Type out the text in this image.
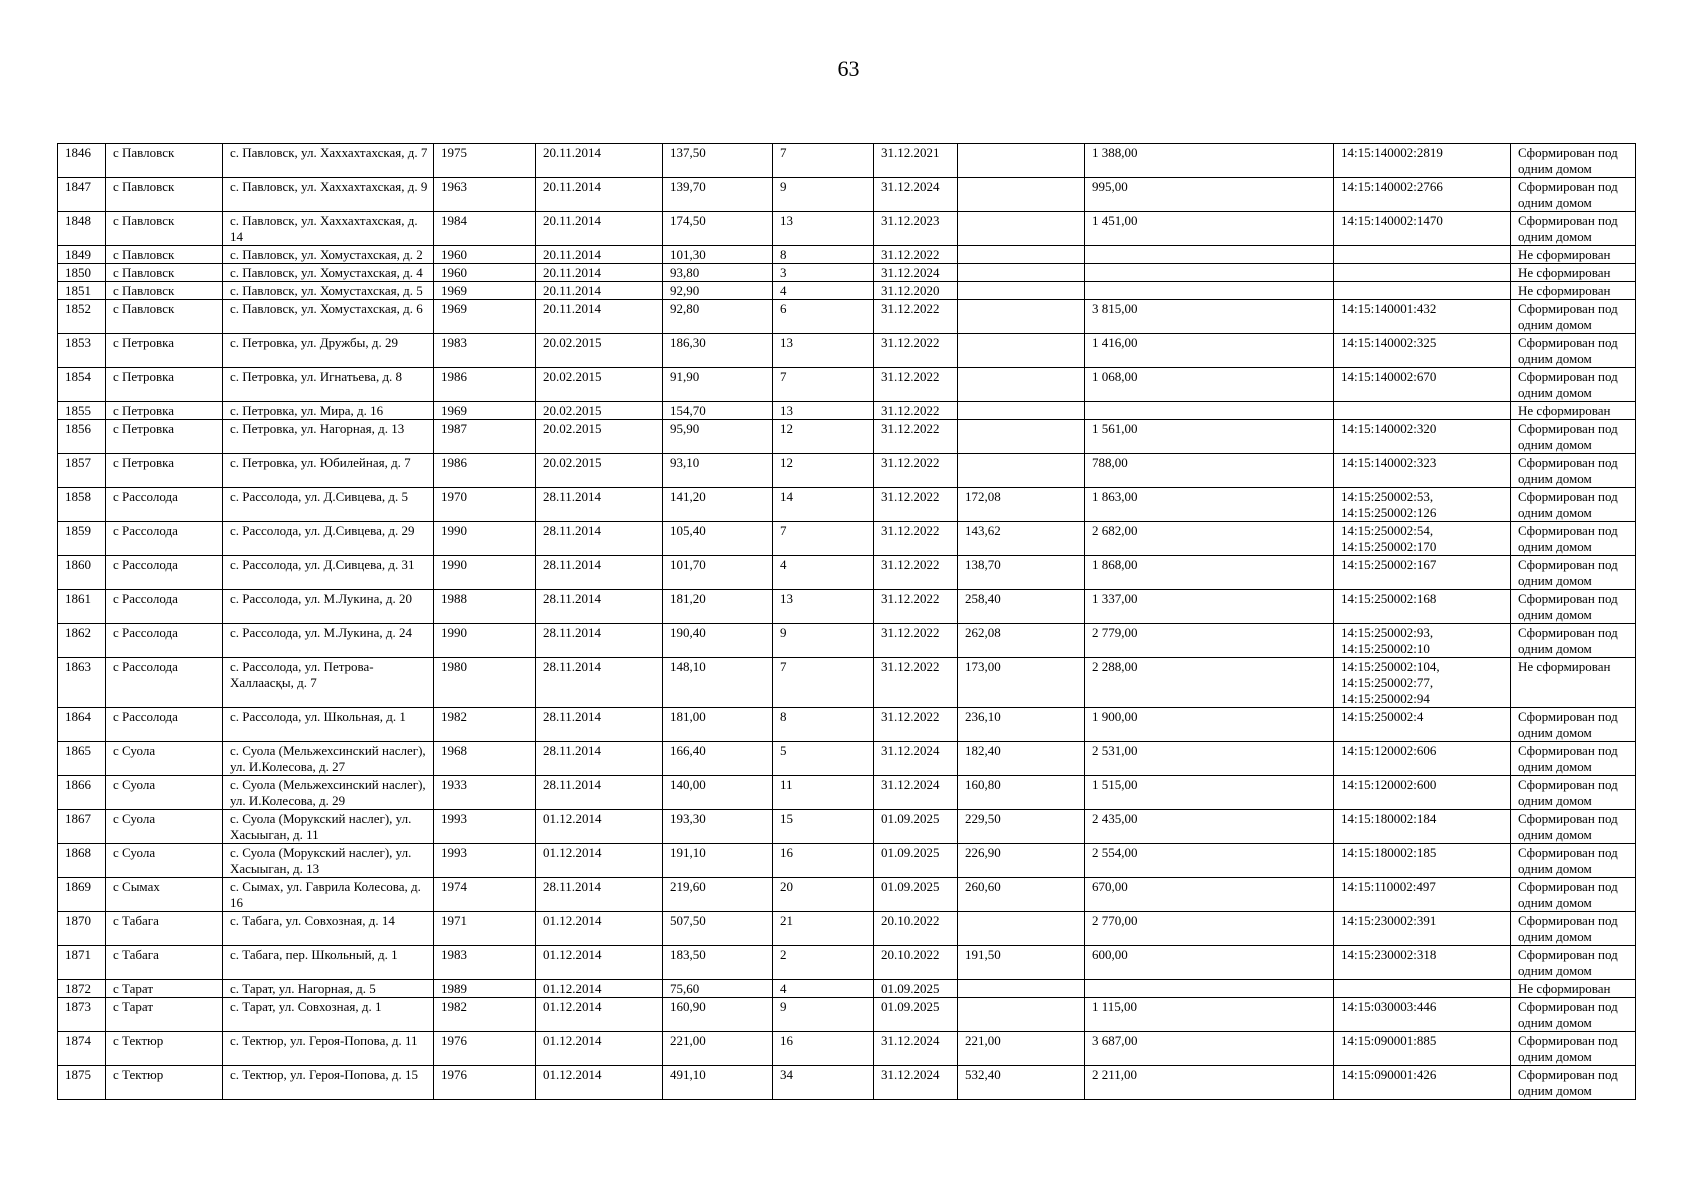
63
1846	с Павловск	с. Павловск, ул. Хаххахтахская, д. 7	1975	20.11.2014	137,50	7	31.12.2021		1 388,00	14:15:140002:2819	Сформирован под одним домом
1847	с Павловск	с. Павловск, ул. Хаххахтахская, д. 9	1963	20.11.2014	139,70	9	31.12.2024		995,00	14:15:140002:2766	Сформирован под одним домом
1848	с Павловск	с. Павловск, ул. Хаххахтахская, д. 14	1984	20.11.2014	174,50	13	31.12.2023		1 451,00	14:15:140002:1470	Сформирован под одним домом
1849	с Павловск	с. Павловск, ул. Хомустахская, д. 2	1960	20.11.2014	101,30	8	31.12.2022				Не сформирован
1850	с Павловск	с. Павловск, ул. Хомустахская, д. 4	1960	20.11.2014	93,80	3	31.12.2024				Не сформирован
1851	с Павловск	с. Павловск, ул. Хомустахская, д. 5	1969	20.11.2014	92,90	4	31.12.2020				Не сформирован
1852	с Павловск	с. Павловск, ул. Хомустахская, д. 6	1969	20.11.2014	92,80	6	31.12.2022		3 815,00	14:15:140001:432	Сформирован под одним домом
1853	с Петровка	с. Петровка, ул. Дружбы, д. 29	1983	20.02.2015	186,30	13	31.12.2022		1 416,00	14:15:140002:325	Сформирован под одним домом
1854	с Петровка	с. Петровка, ул. Игнатьева, д. 8	1986	20.02.2015	91,90	7	31.12.2022		1 068,00	14:15:140002:670	Сформирован под одним домом
1855	с Петровка	с. Петровка, ул. Мира, д. 16	1969	20.02.2015	154,70	13	31.12.2022				Не сформирован
1856	с Петровка	с. Петровка, ул. Нагорная, д. 13	1987	20.02.2015	95,90	12	31.12.2022		1 561,00	14:15:140002:320	Сформирован под одним домом
1857	с Петровка	с. Петровка, ул. Юбилейная, д. 7	1986	20.02.2015	93,10	12	31.12.2022		788,00	14:15:140002:323	Сформирован под одним домом
1858	с Рассолода	с. Рассолода, ул. Д.Сивцева, д. 5	1970	28.11.2014	141,20	14	31.12.2022	172,08	1 863,00	14:15:250002:53, 14:15:250002:126	Сформирован под одним домом
1859	с Рассолода	с. Рассолода, ул. Д.Сивцева, д. 29	1990	28.11.2014	105,40	7	31.12.2022	143,62	2 682,00	14:15:250002:54, 14:15:250002:170	Сформирован под одним домом
1860	с Рассолода	с. Рассолода, ул. Д.Сивцева, д. 31	1990	28.11.2014	101,70	4	31.12.2022	138,70	1 868,00	14:15:250002:167	Сформирован под одним домом
1861	с Рассолода	с. Рассолода, ул. М.Лукина, д. 20	1988	28.11.2014	181,20	13	31.12.2022	258,40	1 337,00	14:15:250002:168	Сформирован под одним домом
1862	с Рассолода	с. Рассолода, ул. М.Лукина, д. 24	1990	28.11.2014	190,40	9	31.12.2022	262,08	2 779,00	14:15:250002:93, 14:15:250002:10	Сформирован под одним домом
1863	с Рассолода	с. Рассолода, ул. Петрова-Халлаасқы, д. 7	1980	28.11.2014	148,10	7	31.12.2022	173,00	2 288,00	14:15:250002:104, 14:15:250002:77, 14:15:250002:94	Не сформирован
1864	с Рассолода	с. Рассолода, ул. Школьная, д. 1	1982	28.11.2014	181,00	8	31.12.2022	236,10	1 900,00	14:15:250002:4	Сформирован под одним домом
1865	с Суола	с. Суола (Мельжехсинский наслег), ул. И.Колесова, д. 27	1968	28.11.2014	166,40	5	31.12.2024	182,40	2 531,00	14:15:120002:606	Сформирован под одним домом
1866	с Суола	с. Суола (Мельжехсинский наслег), ул. И.Колесова, д. 29	1933	28.11.2014	140,00	11	31.12.2024	160,80	1 515,00	14:15:120002:600	Сформирован под одним домом
1867	с Суола	с. Суола (Морукский наслег), ул. Хасыыган, д. 11	1993	01.12.2014	193,30	15	01.09.2025	229,50	2 435,00	14:15:180002:184	Сформирован под одним домом
1868	с Суола	с. Суола (Морукский наслег), ул. Хасыыган, д. 13	1993	01.12.2014	191,10	16	01.09.2025	226,90	2 554,00	14:15:180002:185	Сформирован под одним домом
1869	с Сымах	с. Сымах, ул. Гаврила Колесова, д. 16	1974	28.11.2014	219,60	20	01.09.2025	260,60	670,00	14:15:110002:497	Сформирован под одним домом
1870	с Табага	с. Табага, ул. Совхозная, д. 14	1971	01.12.2014	507,50	21	20.10.2022		2 770,00	14:15:230002:391	Сформирован под одним домом
1871	с Табага	с. Табага, пер. Школьный, д. 1	1983	01.12.2014	183,50	2	20.10.2022	191,50	600,00	14:15:230002:318	Сформирован под одним домом
1872	с Тарат	с. Тарат, ул. Нагорная, д. 5	1989	01.12.2014	75,60	4	01.09.2025				Не сформирован
1873	с Тарат	с. Тарат, ул. Совхозная, д. 1	1982	01.12.2014	160,90	9	01.09.2025		1 115,00	14:15:030003:446	Сформирован под одним домом
1874	с Тектюр	с. Тектюр, ул. Героя-Попова, д. 11	1976	01.12.2014	221,00	16	31.12.2024	221,00	3 687,00	14:15:090001:885	Сформирован под одним домом
1875	с Тектюр	с. Тектюр, ул. Героя-Попова, д. 15	1976	01.12.2014	491,10	34	31.12.2024	532,40	2 211,00	14:15:090001:426	Сформирован под одним домом
